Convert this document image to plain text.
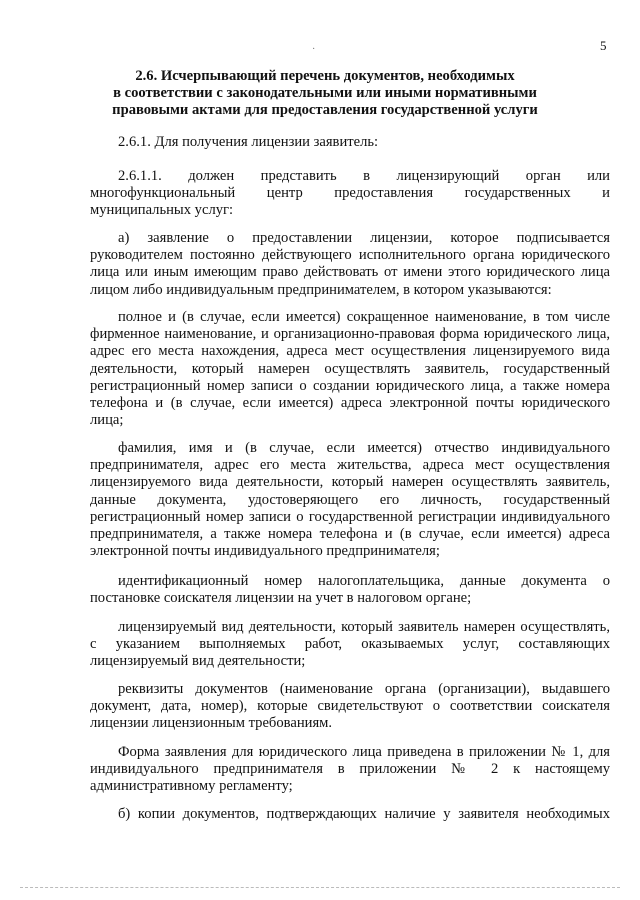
5
·
2.6. Исчерпывающий перечень документов, необходимых
в соответствии с законодательными или иными нормативными
правовыми актами для предоставления государственной услуги
2.6.1. Для получения лицензии заявитель:
2.6.1.1. должен представить в лицензирующий орган или
многофункциональный центр предоставления государственных и
муниципальных услуг:
а) заявление о предоставлении лицензии, которое подписывается
руководителем постоянно действующего исполнительного органа юридического
лица или иным имеющим право действовать от имени этого юридического лица
лицом либо индивидуальным предпринимателем, в котором указываются:
полное и (в случае, если имеется) сокращенное наименование, в том числе
фирменное наименование, и организационно-правовая форма юридического лица,
адрес его места нахождения, адреса мест осуществления лицензируемого вида
деятельности, который намерен осуществлять заявитель, государственный
регистрационный номер записи о создании юридического лица, а также номера
телефона и (в случае, если имеется) адреса электронной почты юридического
лица;
фамилия, имя и (в случае, если имеется) отчество индивидуального
предпринимателя, адрес его места жительства, адреса мест осуществления
лицензируемого вида деятельности, который намерен осуществлять заявитель,
данные документа, удостоверяющего его личность, государственный
регистрационный номер записи о государственной регистрации индивидуального
предпринимателя, а также номера телефона и (в случае, если имеется) адреса
электронной почты индивидуального предпринимателя;
идентификационный номер налогоплательщика, данные документа о
постановке соискателя лицензии на учет в налоговом органе;
лицензируемый вид деятельности, который заявитель намерен осуществлять,
с указанием выполняемых работ, оказываемых услуг, составляющих
лицензируемый вид деятельности;
реквизиты документов (наименование органа (организации), выдавшего
документ, дата, номер), которые свидетельствуют о соответствии соискателя
лицензии лицензионным требованиям.
Форма заявления для юридического лица приведена в приложении № 1, для
индивидуального предпринимателя в приложении № 2 к настоящему
административному регламенту;
б) копии документов, подтверждающих наличие у заявителя необходимых
